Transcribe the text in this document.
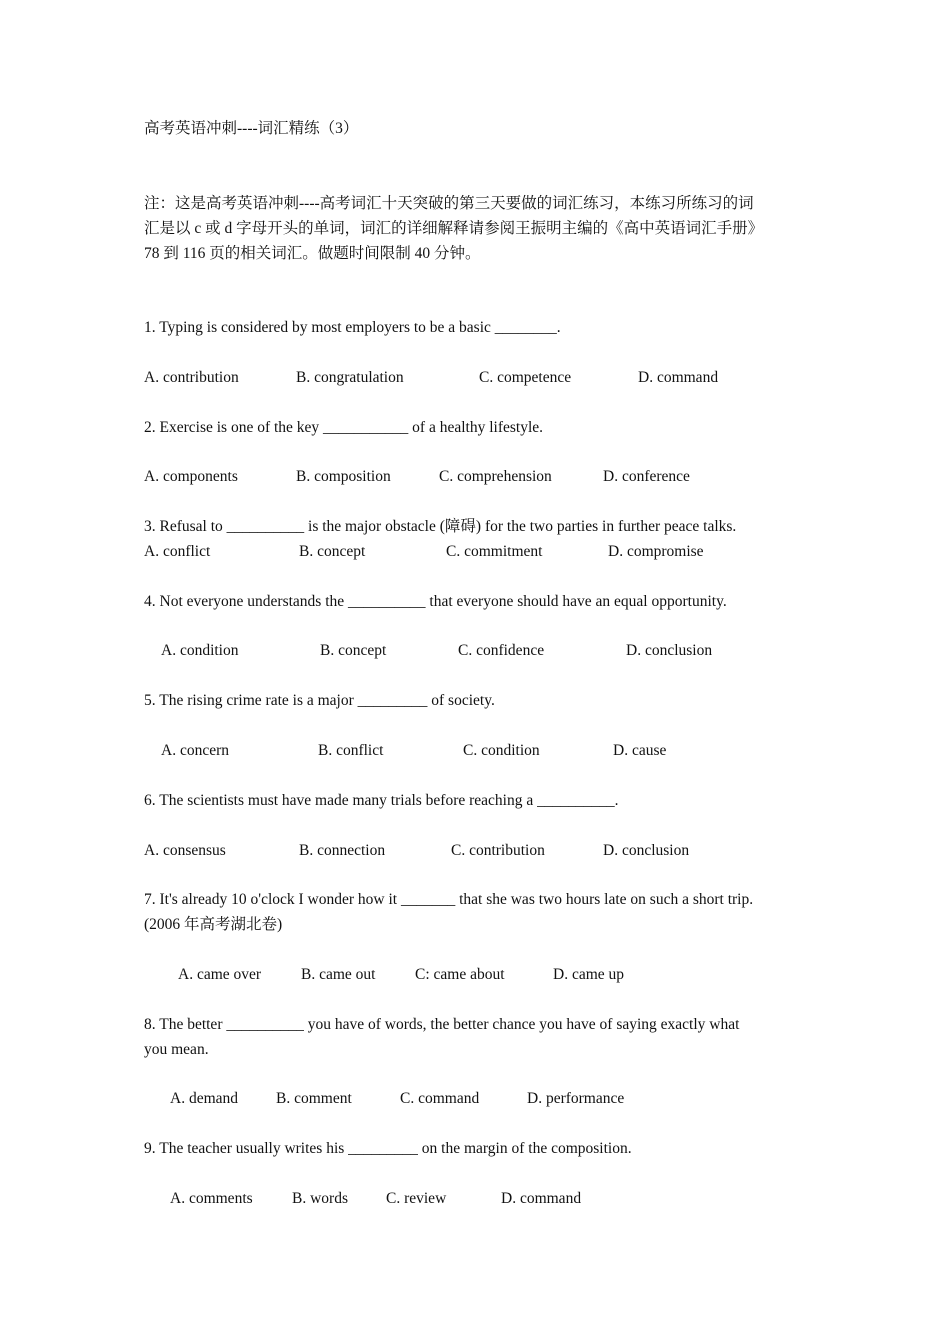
高考英语冲刺----词汇精练（3）
注：这是高考英语冲刺----高考词汇十天突破的第三天要做的词汇练习，本练习所练习的词
汇是以 c 或 d 字母开头的单词，词汇的详细解释请参阅王振明主编的《高中英语词汇手册》
78 到 116 页的相关词汇。做题时间限制 40 分钟。
1. Typing is considered by most employers to be a basic ________.
A. contribution	B. congratulation	C. competence	D. command
2. Exercise is one of the key ___________ of a healthy lifestyle.
A. components	B. composition	C. comprehension	D. conference
3. Refusal to __________ is the major obstacle (障碍) for the two parties in further peace talks.
A. conflict	B. concept	C. commitment	D. compromise
4. Not everyone understands the __________ that everyone should have an equal opportunity.
A. condition	B. concept	C. confidence	D. conclusion
5. The rising crime rate is a major _________ of society.
A. concern	B. conflict	C. condition	D. cause
6. The scientists must have made many trials before reaching a __________.
A. consensus	B. connection	C. contribution	D. conclusion
7. It's already 10 o'clock I wonder how it _______ that she was two hours late on such a short trip.
(2006 年高考湖北卷)
A. came over	B. came out	C: came about	D. came up
8. The better __________ you have of words, the better chance you have of saying exactly what
you mean.
A. demand B. comment	C. command	D. performance
9. The teacher usually writes his _________ on the margin of the composition.
A. comments	B. words C. review	D. command
